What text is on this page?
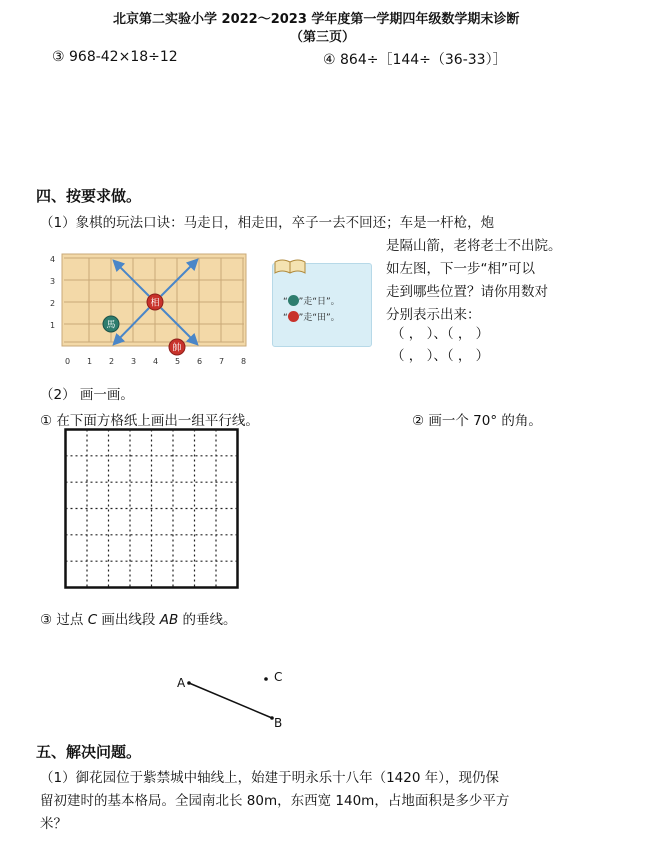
北京第二实验小学 2022～2023 学年度第一学期四年级数学期末诊断
（第三页）
③ 968-42×18÷12	④ 864÷［144÷（36-33）］
四、按要求做。
（1）象棋的玩法口诀：马走日，相走田，卒子一去不回还；车是一杆枪，炮
是隔山箭，老将老士不出院。
如左图，下一步“相”可以
走到哪些位置？请你用数对
分别表示出来：
（ ， ）、（ ， ）
（ ， ）、（ ， ）
0 1 2 3 4 5 6 7 8
1
2
3
4
馬
相
帥
“ ”走“日”。
“ ”走“田”。
（2） 画一画。
① 在下面方格纸上画出一组平行线。	② 画一个 70° 的角。
③ 过点 C 画出线段 AB 的垂线。
A
B
C
五、解决问题。
（1）御花园位于紫禁城中轴线上，始建于明永乐十八年（1420 年），现仍保
留初建时的基本格局。全园南北长 80m，东西宽 140m，占地面积是多少平方
米？
